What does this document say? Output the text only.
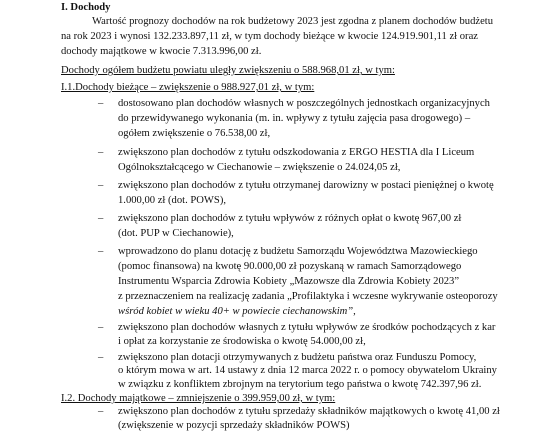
I. Dochody
Wartość prognozy dochodów na rok budżetowy 2023 jest zgodna z planem dochodów budżetu
na rok 2023 i wynosi 132.233.897,11 zł, w tym dochody bieżące w kwocie 124.919.901,11 zł oraz
dochody majątkowe w kwocie 7.313.996,00 zł.
Dochody ogółem budżetu powiatu uległy zwiększeniu o 588.968,01 zł, w tym:
I.1.Dochody bieżące – zwiększenie o 988.927,01 zł, w tym:
– dostosowano plan dochodów własnych w poszczególnych jednostkach organizacyjnych
do przewidywanego wykonania (m. in. wpływy z tytułu zajęcia pasa drogowego) –
ogółem zwiększenie o 76.538,00 zł,
– zwiększono plan dochodów z tytułu odszkodowania z ERGO HESTIA dla I Liceum
Ogólnokształcącego w Ciechanowie – zwiększenie o 24.024,05 zł,
– zwiększono plan dochodów z tytułu otrzymanej darowizny w postaci pieniężnej o kwotę
1.000,00 zł (dot. POWS),
– zwiększono plan dochodów z tytułu wpływów z różnych opłat o kwotę 967,00 zł
(dot. PUP w Ciechanowie),
– wprowadzono do planu dotację z budżetu Samorządu Województwa Mazowieckiego
(pomoc finansowa) na kwotę 90.000,00 zł pozyskaną w ramach Samorządowego
Instrumentu Wsparcia Zdrowia Kobiety „Mazowsze dla Zdrowia Kobiety 2023”
z przeznaczeniem na realizację zadania „Profilaktyka i wczesne wykrywanie osteoporozy
wśród kobiet w wieku 40+ w powiecie ciechanowskim”,
– zwiększono plan dochodów własnych z tytułu wpływów ze środków pochodzących z kar
i opłat za korzystanie ze środowiska o kwotę 54.000,00 zł,
– zwiększono plan dotacji otrzymywanych z budżetu państwa oraz Funduszu Pomocy,
o którym mowa w art. 14 ustawy z dnia 12 marca 2022 r. o pomocy obywatelom Ukrainy
w związku z konfliktem zbrojnym na terytorium tego państwa o kwotę 742.397,96 zł.
I.2. Dochody majątkowe – zmniejszenie o 399.959,00 zł, w tym:
– zwiększono plan dochodów z tytułu sprzedaży składników majątkowych o kwotę 41,00 zł
(zwiększenie w pozycji sprzedaży składników POWS)
